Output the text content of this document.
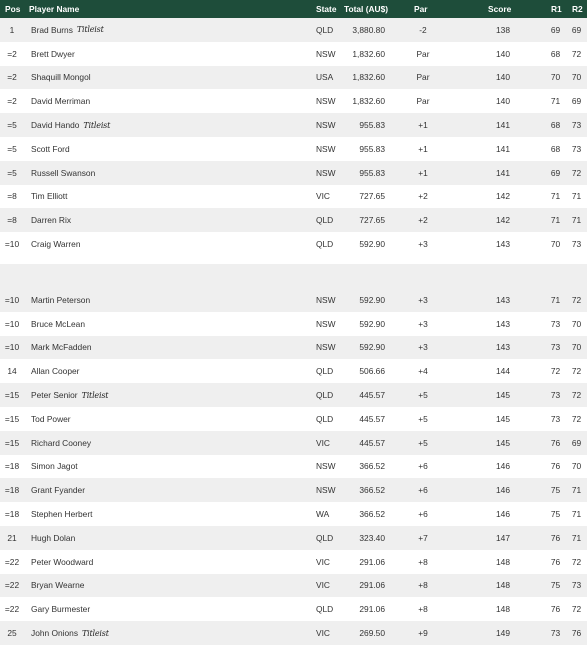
Pos Player Name	State Total (AU$)	Par	Score	R1 R2
1 Brad Burns Titleist	QLD 3,880.80	-2	138	69 69
=2 Brett Dwyer	NSW 1,832.60	Par	140	68 72
=2 Shaquill Mongol	USA 1,832.60	Par	140	70 70
=2 David Merriman	NSW 1,832.60	Par	140	71 69
=5 David Hando Titleist	NSW	955.83	+1	141	68 73
=5 Scott Ford	NSW	955.83	+1	141	68 73
=5 Russell Swanson	NSW	955.83	+1	141	69 72
=8 Tim Elliott	VIC	727.65	+2	142	71 71
=8 Darren Rix	QLD	727.65	+2	142	71 71
=10 Craig Warren	QLD	592.90	+3	143	70 73
=10 Martin Peterson	NSW	592.90	+3	143	71 72
=10 Bruce McLean	NSW	592.90	+3	143	73 70
=10 Mark McFadden	NSW	592.90	+3	143	73 70
14 Allan Cooper	QLD	506.66	+4	144	72 72
=15 Peter Senior Titleist	QLD	445.57	+5	145	73 72
=15 Tod Power	QLD	445.57	+5	145	73 72
=15 Richard Cooney	VIC	445.57	+5	145	76 69
=18 Simon Jagot	NSW	366.52	+6	146	76 70
=18 Grant Fyander	NSW	366.52	+6	146	75 71
=18 Stephen Herbert	WA	366.52	+6	146	75 71
21 Hugh Dolan	QLD	323.40	+7	147	76 71
=22 Peter Woodward	VIC	291.06	+8	148	76 72
=22 Bryan Wearne	VIC	291.06	+8	148	75 73
=22 Gary Burmester	QLD	291.06	+8	148	76 72
25 John Onions Titleist	VIC	269.50	+9	149	73 76
